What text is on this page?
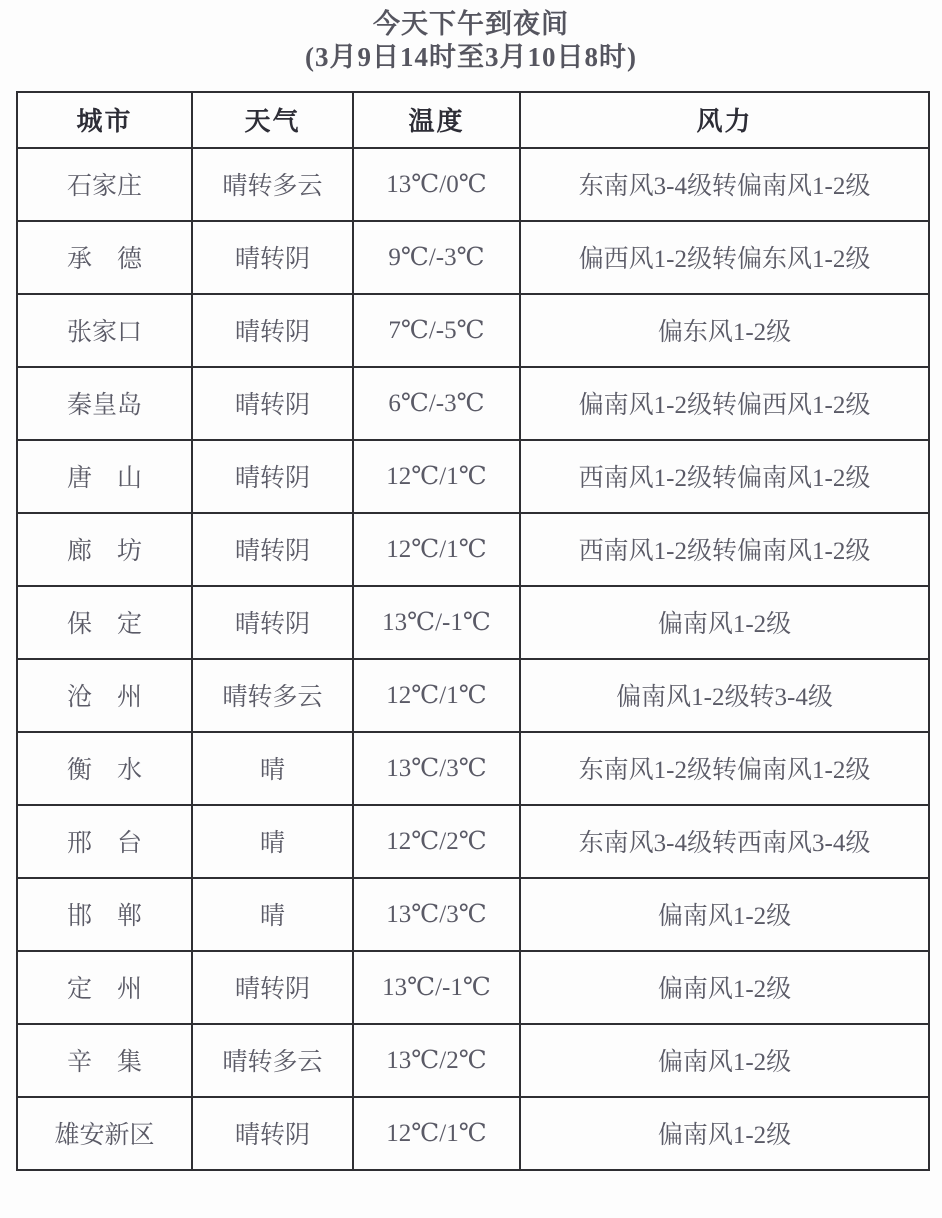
今天下午到夜间
(3月9日14时至3月10日8时)
城市	天气	温度	风力
石家庄	晴转多云	13℃/0℃	东南风3-4级转偏南风1-2级
承　德	晴转阴	9℃/-3℃	偏西风1-2级转偏东风1-2级
张家口	晴转阴	7℃/-5℃	偏东风1-2级
秦皇岛	晴转阴	6℃/-3℃	偏南风1-2级转偏西风1-2级
唐　山	晴转阴	12℃/1℃	西南风1-2级转偏南风1-2级
廊　坊	晴转阴	12℃/1℃	西南风1-2级转偏南风1-2级
保　定	晴转阴	13℃/-1℃	偏南风1-2级
沧　州	晴转多云	12℃/1℃	偏南风1-2级转3-4级
衡　水	晴	13℃/3℃	东南风1-2级转偏南风1-2级
邢　台	晴	12℃/2℃	东南风3-4级转西南风3-4级
邯　郸	晴	13℃/3℃	偏南风1-2级
定　州	晴转阴	13℃/-1℃	偏南风1-2级
辛　集	晴转多云	13℃/2℃	偏南风1-2级
雄安新区	晴转阴	12℃/1℃	偏南风1-2级
